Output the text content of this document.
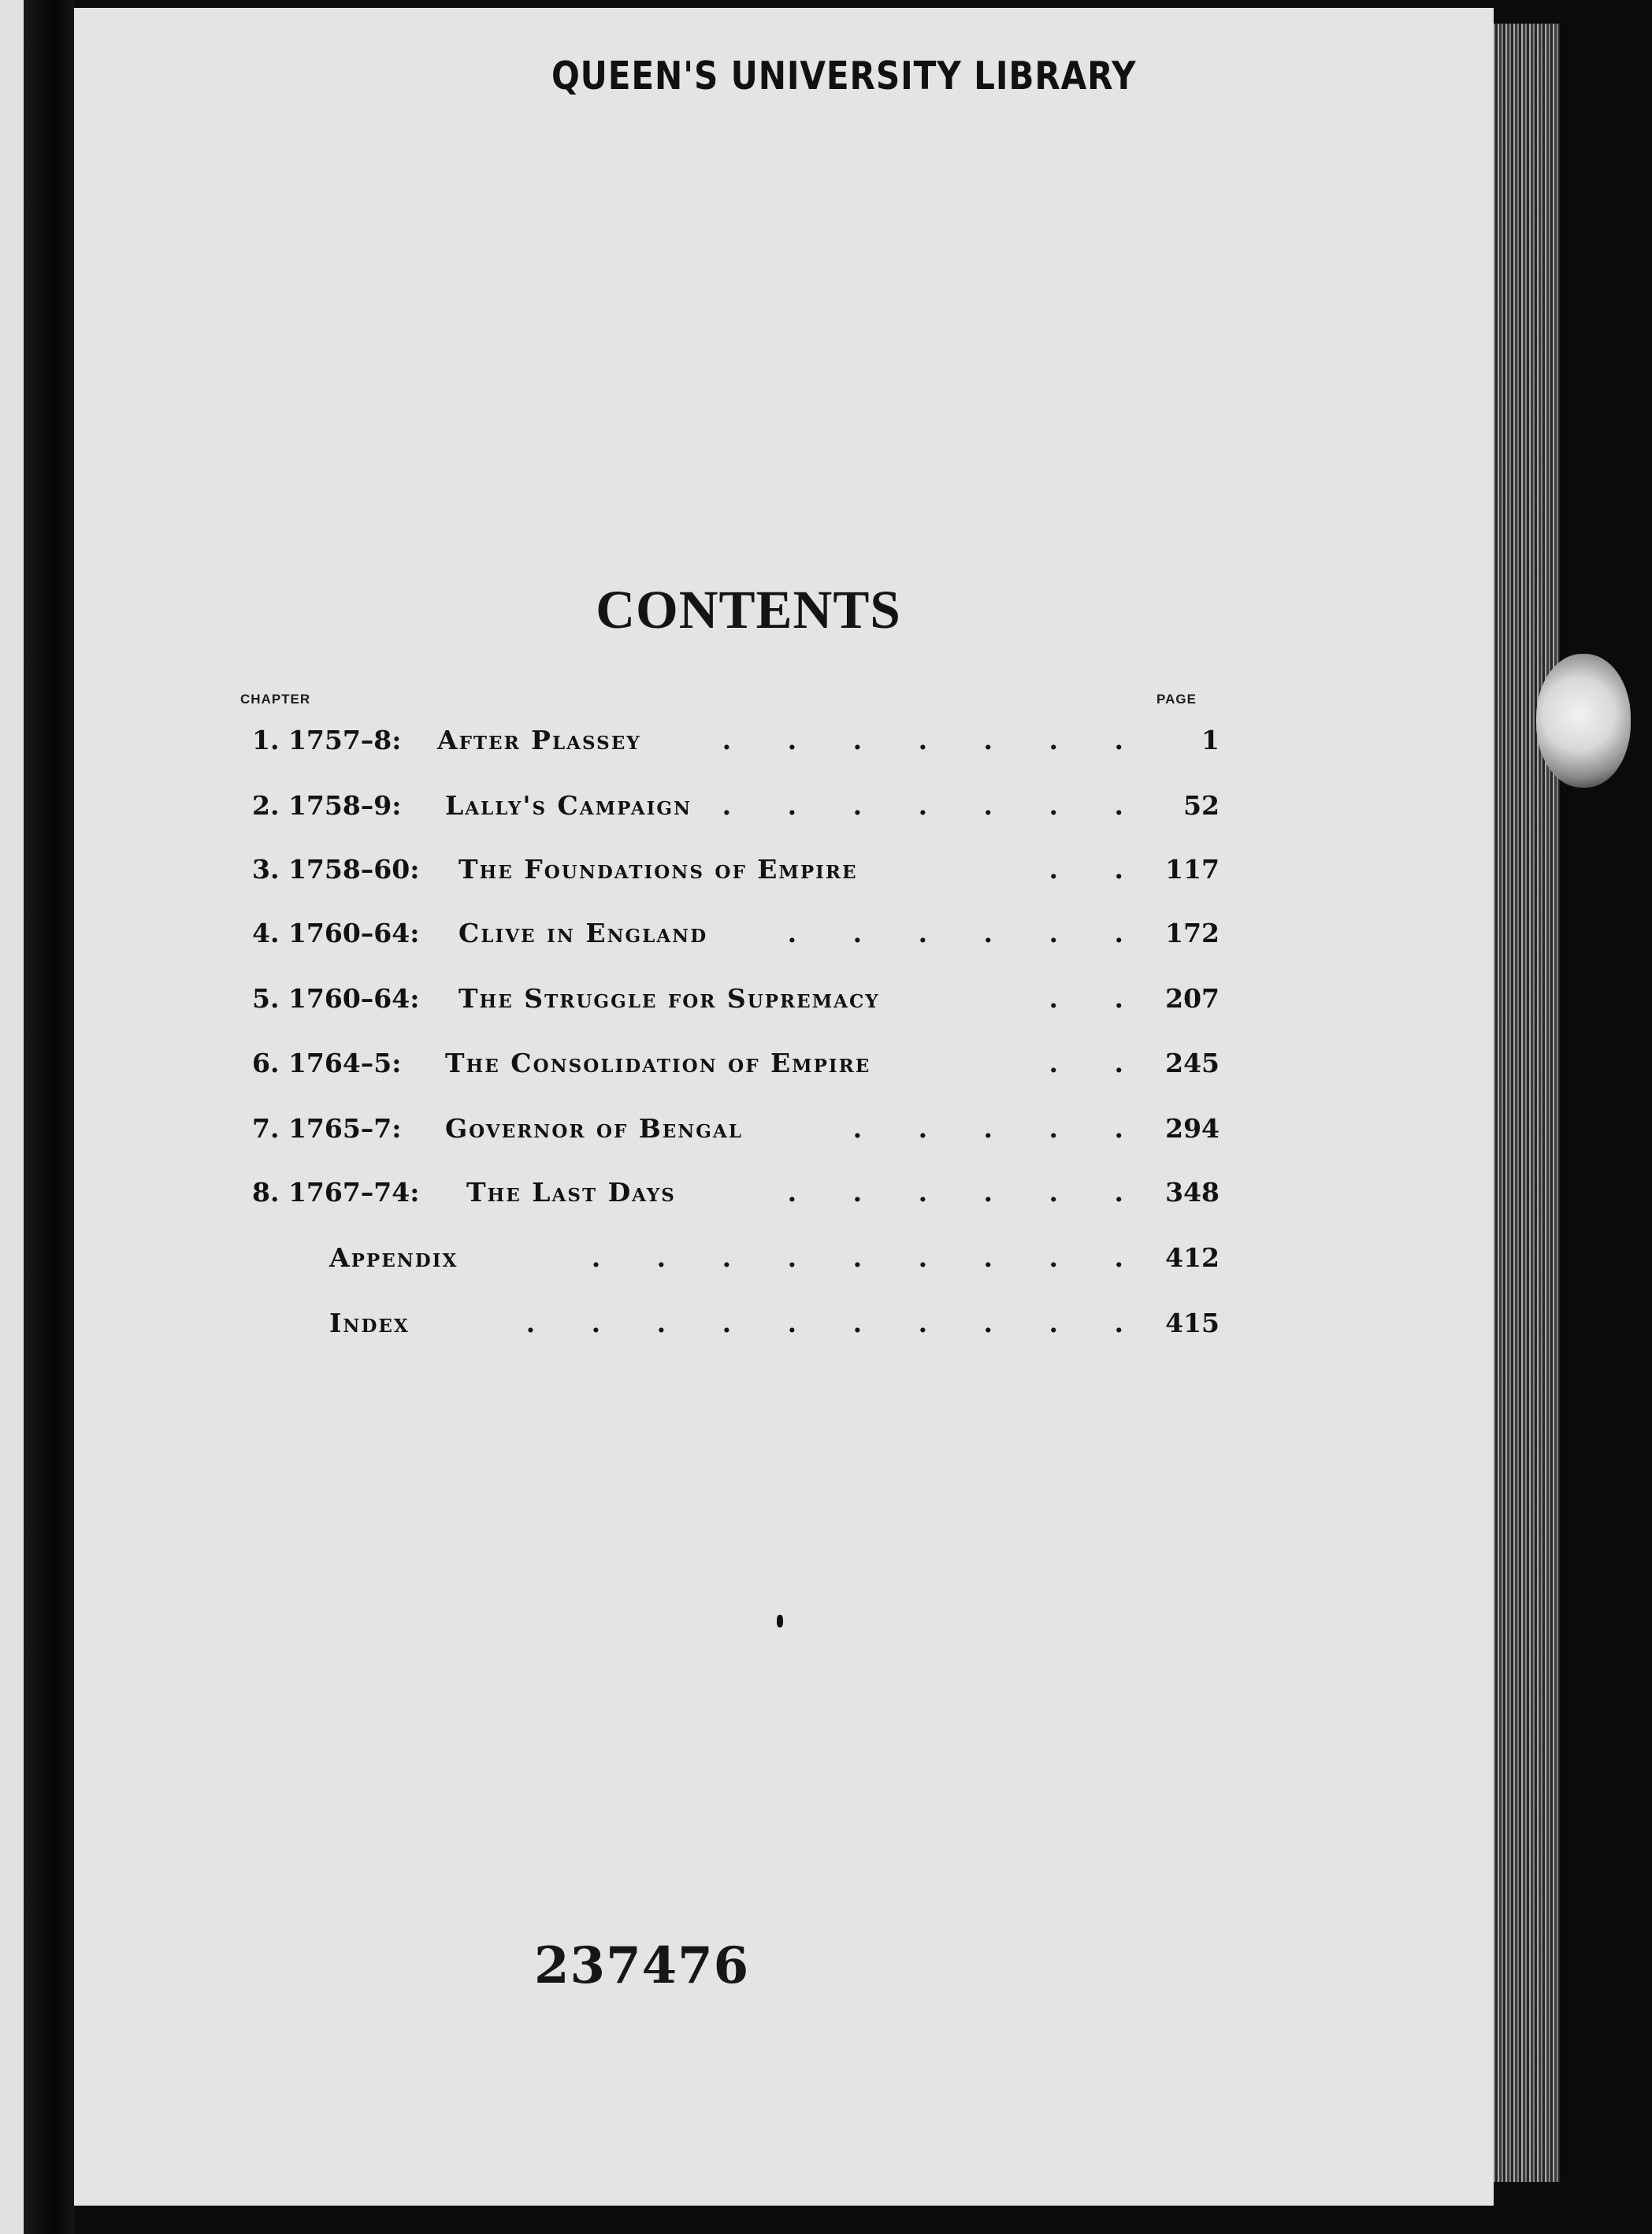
QUEEN'S UNIVERSITY LIBRARY
CONTENTS
CHAPTER	PAGE
1. 1757–8: After Plassey	. . . . . . .	1
2. 1758–9: Lally's Campaign . . . . . . .	52
3. 1758–60: The Foundations of Empire	. . 117
4. 1760–64: Clive in England	. . . . . . 172
5. 1760–64: The Struggle for Supremacy	. . 207
6. 1764–5: The Consolidation of Empire	. . 245
7. 1765–7: Governor of Bengal	. . . . . 294
8. 1767–74: The Last Days	. . . . . . 348
Appendix	. . . . . . . . . 412
Index	. . . . . . . . . . 415
237476
